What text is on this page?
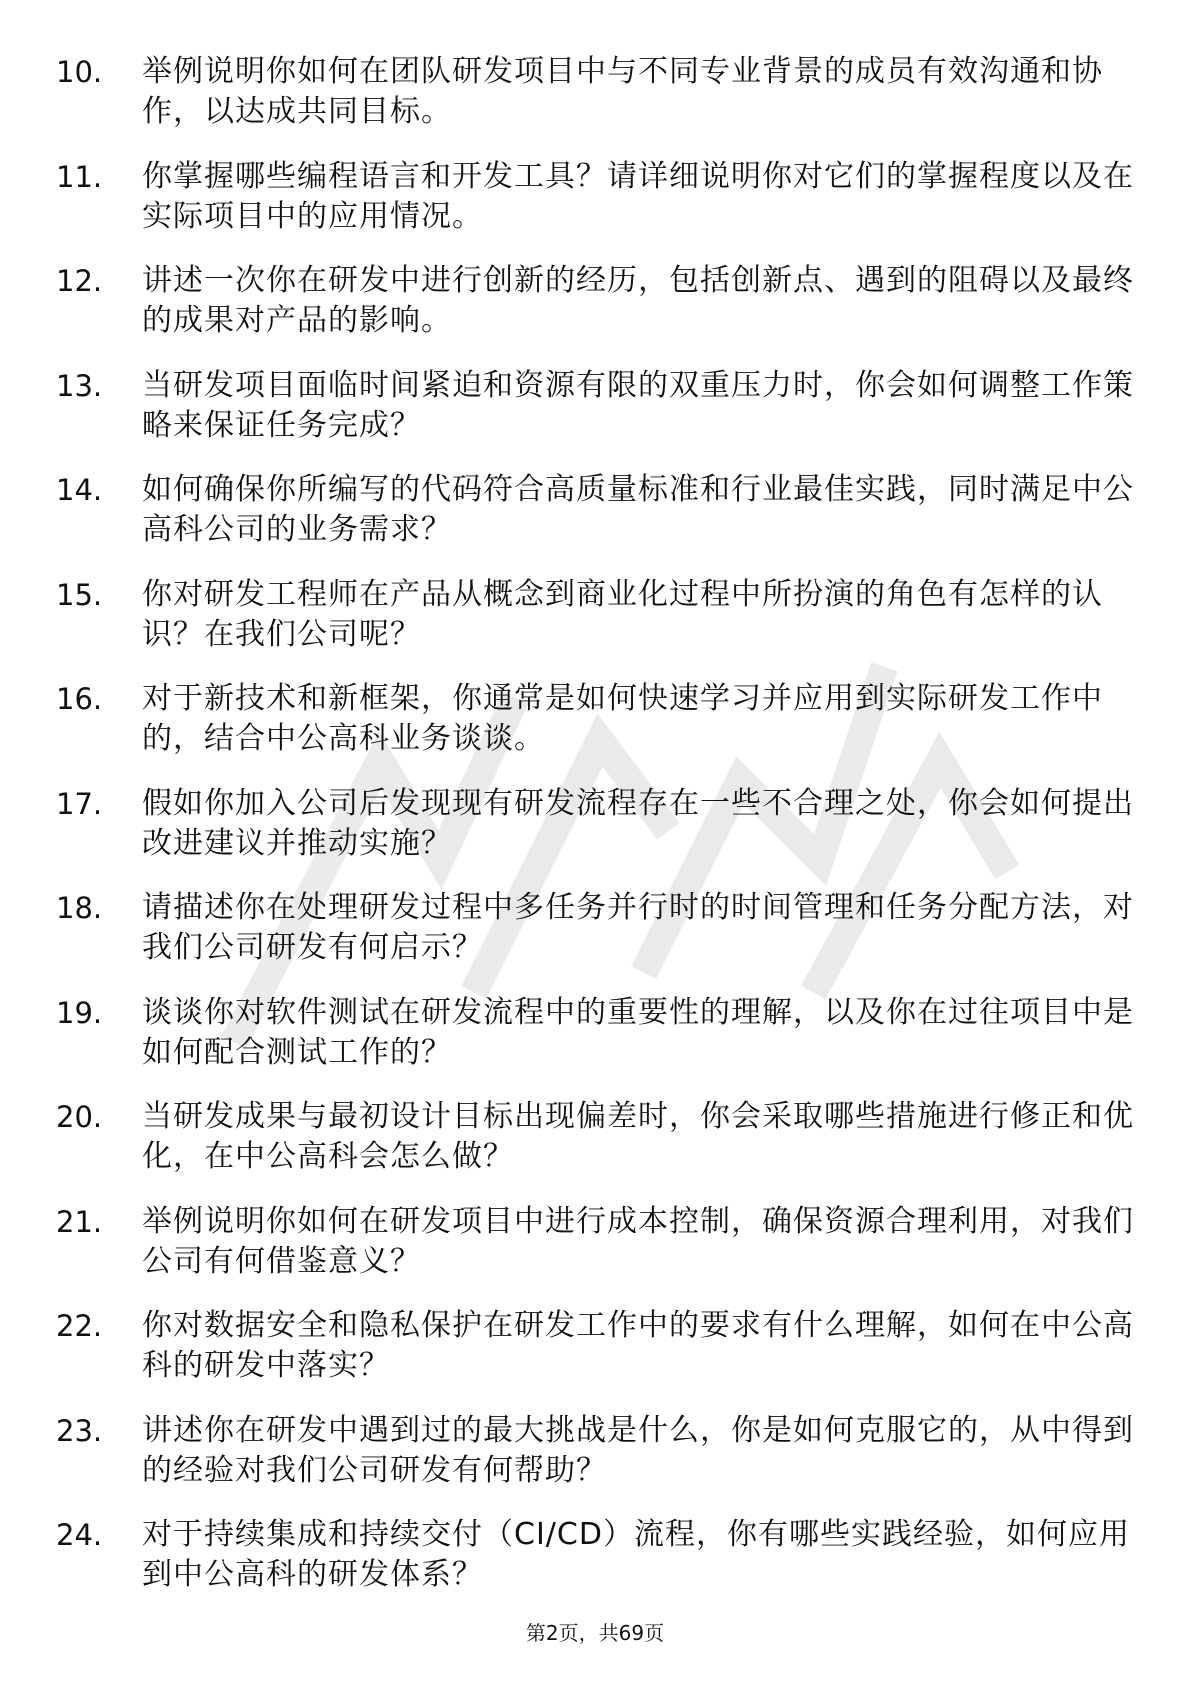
10.	举例说明你如何在团队研发项目中与不同专业背景的成员有效沟通和协作，以达成共同目标。
11.	你掌握哪些编程语言和开发工具？请详细说明你对它们的掌握程度以及在实际项目中的应用情况。
12.	讲述一次你在研发中进行创新的经历，包括创新点、遇到的阻碍以及最终的成果对产品的影响。
13.	当研发项目面临时间紧迫和资源有限的双重压力时，你会如何调整工作策略来保证任务完成？
14.	如何确保你所编写的代码符合高质量标准和行业最佳实践，同时满足中公高科公司的业务需求？
15.	你对研发工程师在产品从概念到商业化过程中所扮演的角色有怎样的认识？在我们公司呢？
16.	对于新技术和新框架，你通常是如何快速学习并应用到实际研发工作中的，结合中公高科业务谈谈。
17.	假如你加入公司后发现现有研发流程存在一些不合理之处，你会如何提出改进建议并推动实施？
18.	请描述你在处理研发过程中多任务并行时的时间管理和任务分配方法，对我们公司研发有何启示？
19.	谈谈你对软件测试在研发流程中的重要性的理解，以及你在过往项目中是如何配合测试工作的？
20.	当研发成果与最初设计目标出现偏差时，你会采取哪些措施进行修正和优化，在中公高科会怎么做？
21.	举例说明你如何在研发项目中进行成本控制，确保资源合理利用，对我们公司有何借鉴意义？
22.	你对数据安全和隐私保护在研发工作中的要求有什么理解，如何在中公高科的研发中落实？
23.	讲述你在研发中遇到过的最大挑战是什么，你是如何克服它的，从中得到的经验对我们公司研发有何帮助？
24.	对于持续集成和持续交付（CI/CD）流程，你有哪些实践经验，如何应用到中公高科的研发体系？
第2页，共69页
